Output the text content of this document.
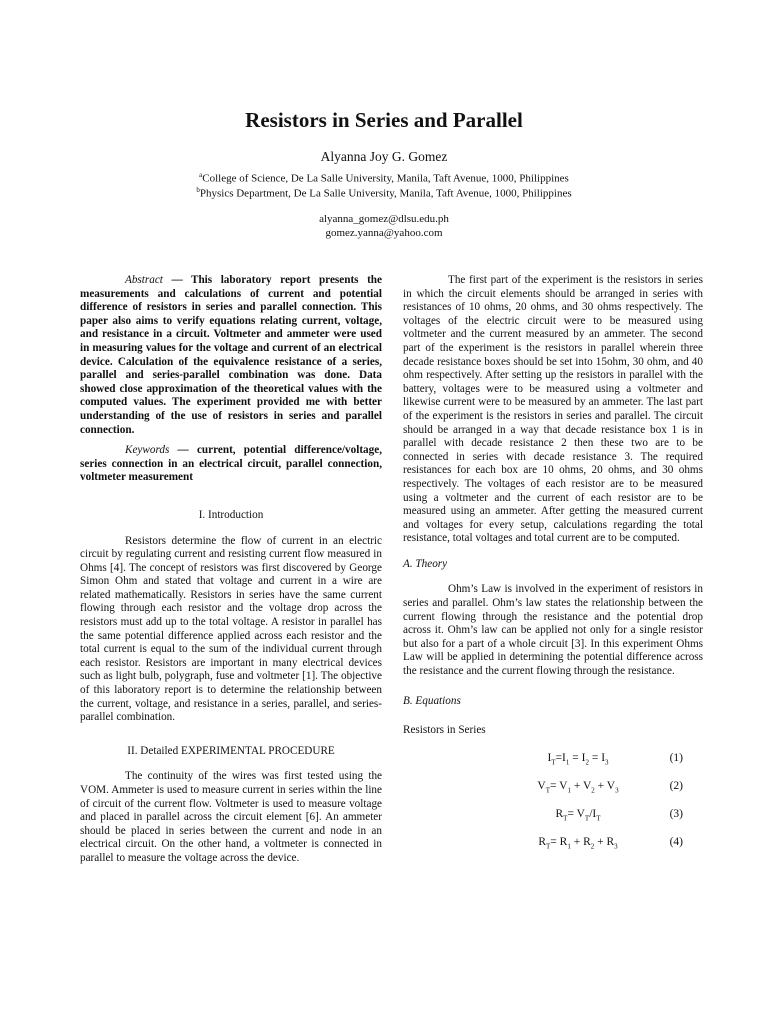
Resistors in Series and Parallel
Alyanna Joy G. Gomez
$^a$College of Science, De La Salle University, Manila, Taft Avenue, 1000, Philippines
$^b$Physics Department, De La Salle University, Manila, Taft Avenue, 1000, Philippines
alyanna_gomez@dlsu.edu.ph
gomez.yanna@yahoo.com

Abstract — This laboratory report presents the measurements and calculations of current and potential difference of resistors in series and parallel connection. This paper also aims to verify equations relating current, voltage, and resistance in a circuit. Voltmeter and ammeter were used in measuring values for the voltage and current of an electrical device. Calculation of the equivalence resistance of a series, parallel and series-parallel combination was done. Data showed close approximation of the theoretical values with the computed values. The experiment provided me with better understanding of the use of resistors in series and parallel connection.

Keywords — current, potential difference/voltage, series connection in an electrical circuit, parallel connection, voltmeter measurement

I. Introduction

Resistors determine the flow of current in an electric circuit by regulating current and resisting current flow measured in Ohms [4]. The concept of resistors was first discovered by George Simon Ohm and stated that voltage and current in a wire are related mathematically. Resistors in series have the same current flowing through each resistor and the voltage drop across the resistors must add up to the total voltage. A resistor in parallel has the same potential difference applied across each resistor and the total current is equal to the sum of the individual current through each resistor. Resistors are important in many electrical devices such as light bulb, polygraph, fuse and voltmeter [1]. The objective of this laboratory report is to determine the relationship between the current, voltage, and resistance in a series, parallel, and series-parallel combination.

II. Detailed EXPERIMENTAL PROCEDURE

The continuity of the wires was first tested using the VOM. Ammeter is used to measure current in series within the line of circuit of the current flow. Voltmeter is used to measure voltage and placed in parallel across the circuit element [6]. An ammeter should be placed in series between the current and node in an electrical circuit. On the other hand, a voltmeter is connected in parallel to measure the voltage across the device.

The first part of the experiment is the resistors in series in which the circuit elements should be arranged in series with resistances of 10 ohms, 20 ohms, and 30 ohms respectively. The voltages of the electric circuit were to be measured using voltmeter and the current measured by an ammeter. The second part of the experiment is the resistors in parallel wherein three decade resistance boxes should be set into 15ohm, 30 ohm, and 40 ohm respectively. After setting up the resistors in parallel with the battery, voltages were to be measured using a voltmeter and likewise current were to be measured by an ammeter. The last part of the experiment is the resistors in series and parallel. The circuit should be arranged in a way that decade resistance box 1 is in parallel with decade resistance 2 then these two are to be connected in series with decade resistance 3. The required resistances for each box are 10 ohms, 20 ohms, and 30 ohms respectively. The voltages of each resistor are to be measured using a voltmeter and the current of each resistor are to be measured using an ammeter. After getting the measured current and voltages for every setup, calculations regarding the total resistance, total voltages and total current are to be computed.

A. Theory

Ohm’s Law is involved in the experiment of resistors in series and parallel. Ohm’s law states the relationship between the current flowing through the resistance and the potential drop across it. Ohm’s law can be applied not only for a single resistor but also for a part of a whole circuit [3]. In this experiment Ohms Law will be applied in determining the potential difference across the resistance and the current flowing through the resistance.

B. Equations
Resistors in Series
$I_T=I_1 = I_2 = I_3$	(1)
$V_T= V_1 + V_2 + V_3$	(2)
$R_T= V_T/I_T$	(3)
$R_T= R_1 + R_2 + R_3$	(4)
